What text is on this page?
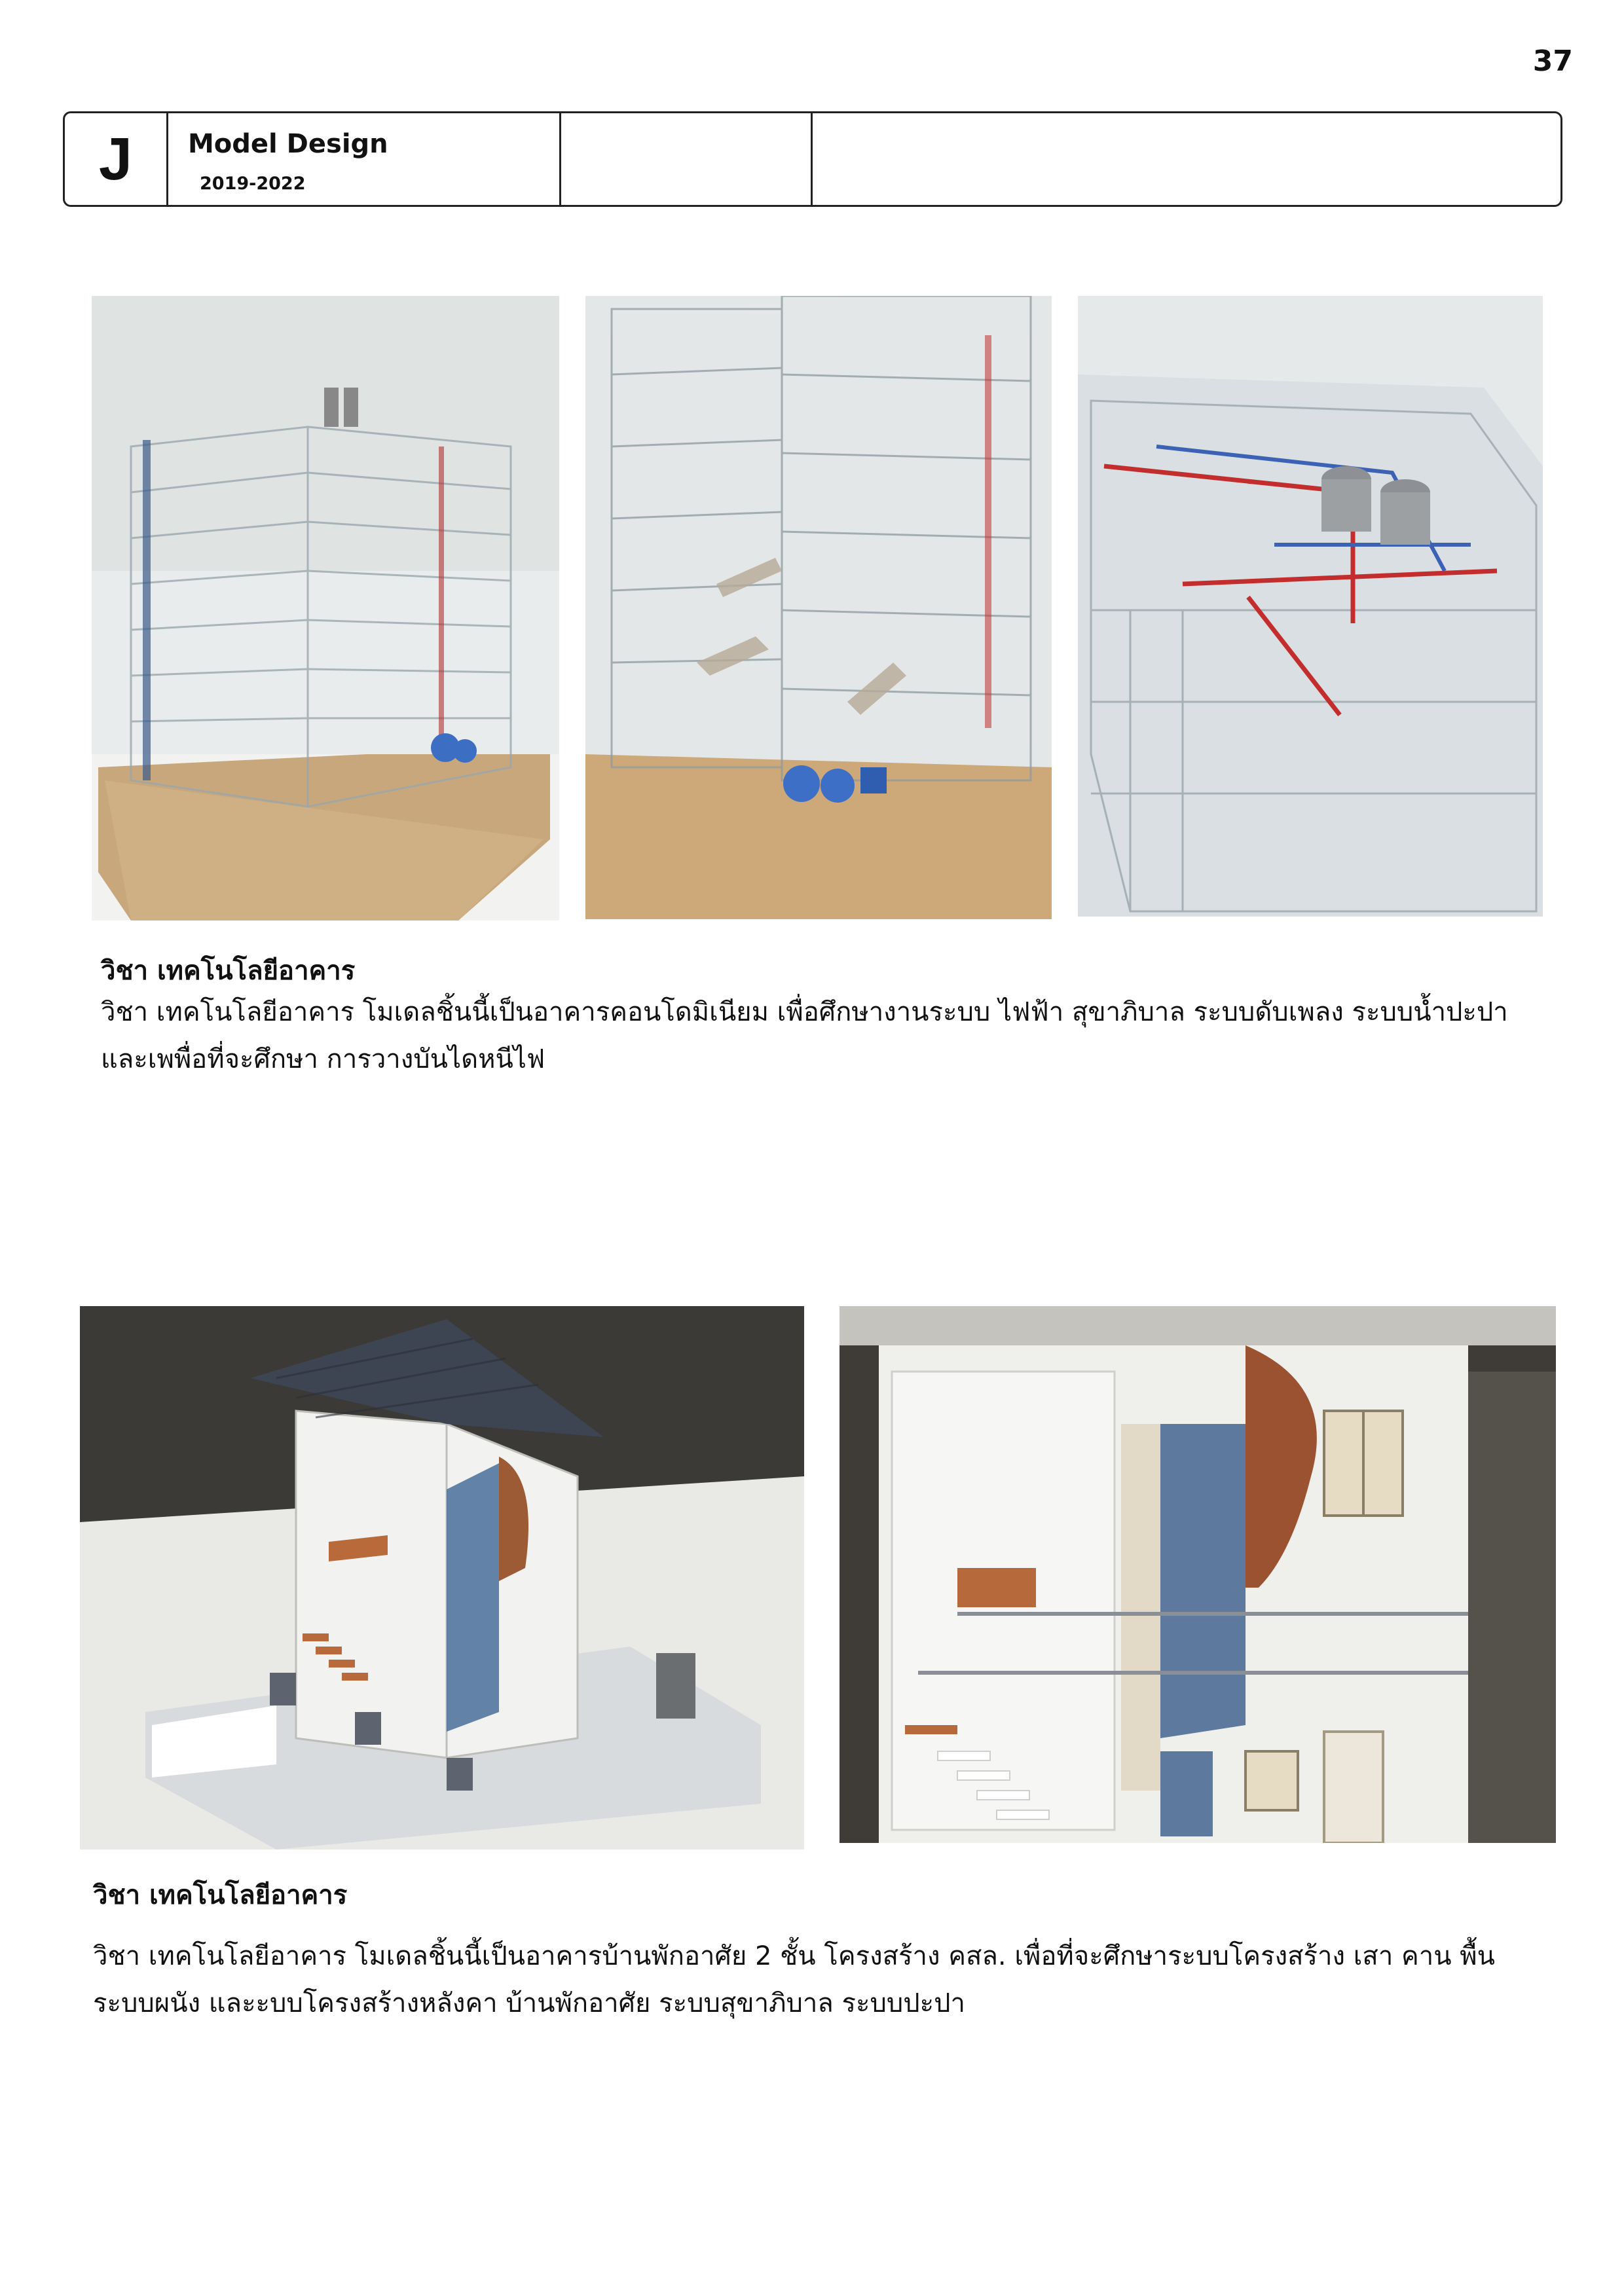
37
J Model Design
2019-2022
วิชา เทคโนโลยีอาคาร
วิชา เทคโนโลยีอาคาร โมเดลชิ้นนี้เป็นอาคารคอนโดมิเนียม เพื่อศึกษางานระบบ ไฟฟ้า สุขาภิบาล ระบบดับเพลง ระบบน้ำปะปา
และเพพื่อที่จะศึกษา การวางบันไดหนีไฟ
วิชา เทคโนโลยีอาคาร
วิชา เทคโนโลยีอาคาร โมเดลชิ้นนี้เป็นอาคารบ้านพักอาศัย 2 ชั้น โครงสร้าง คสล. เพื่อที่จะศึกษาระบบโครงสร้าง เสา คาน พื้น
ระบบผนัง และะบบโครงสร้างหลังคา บ้านพักอาศัย ระบบสุขาภิบาล ระบบปะปา
